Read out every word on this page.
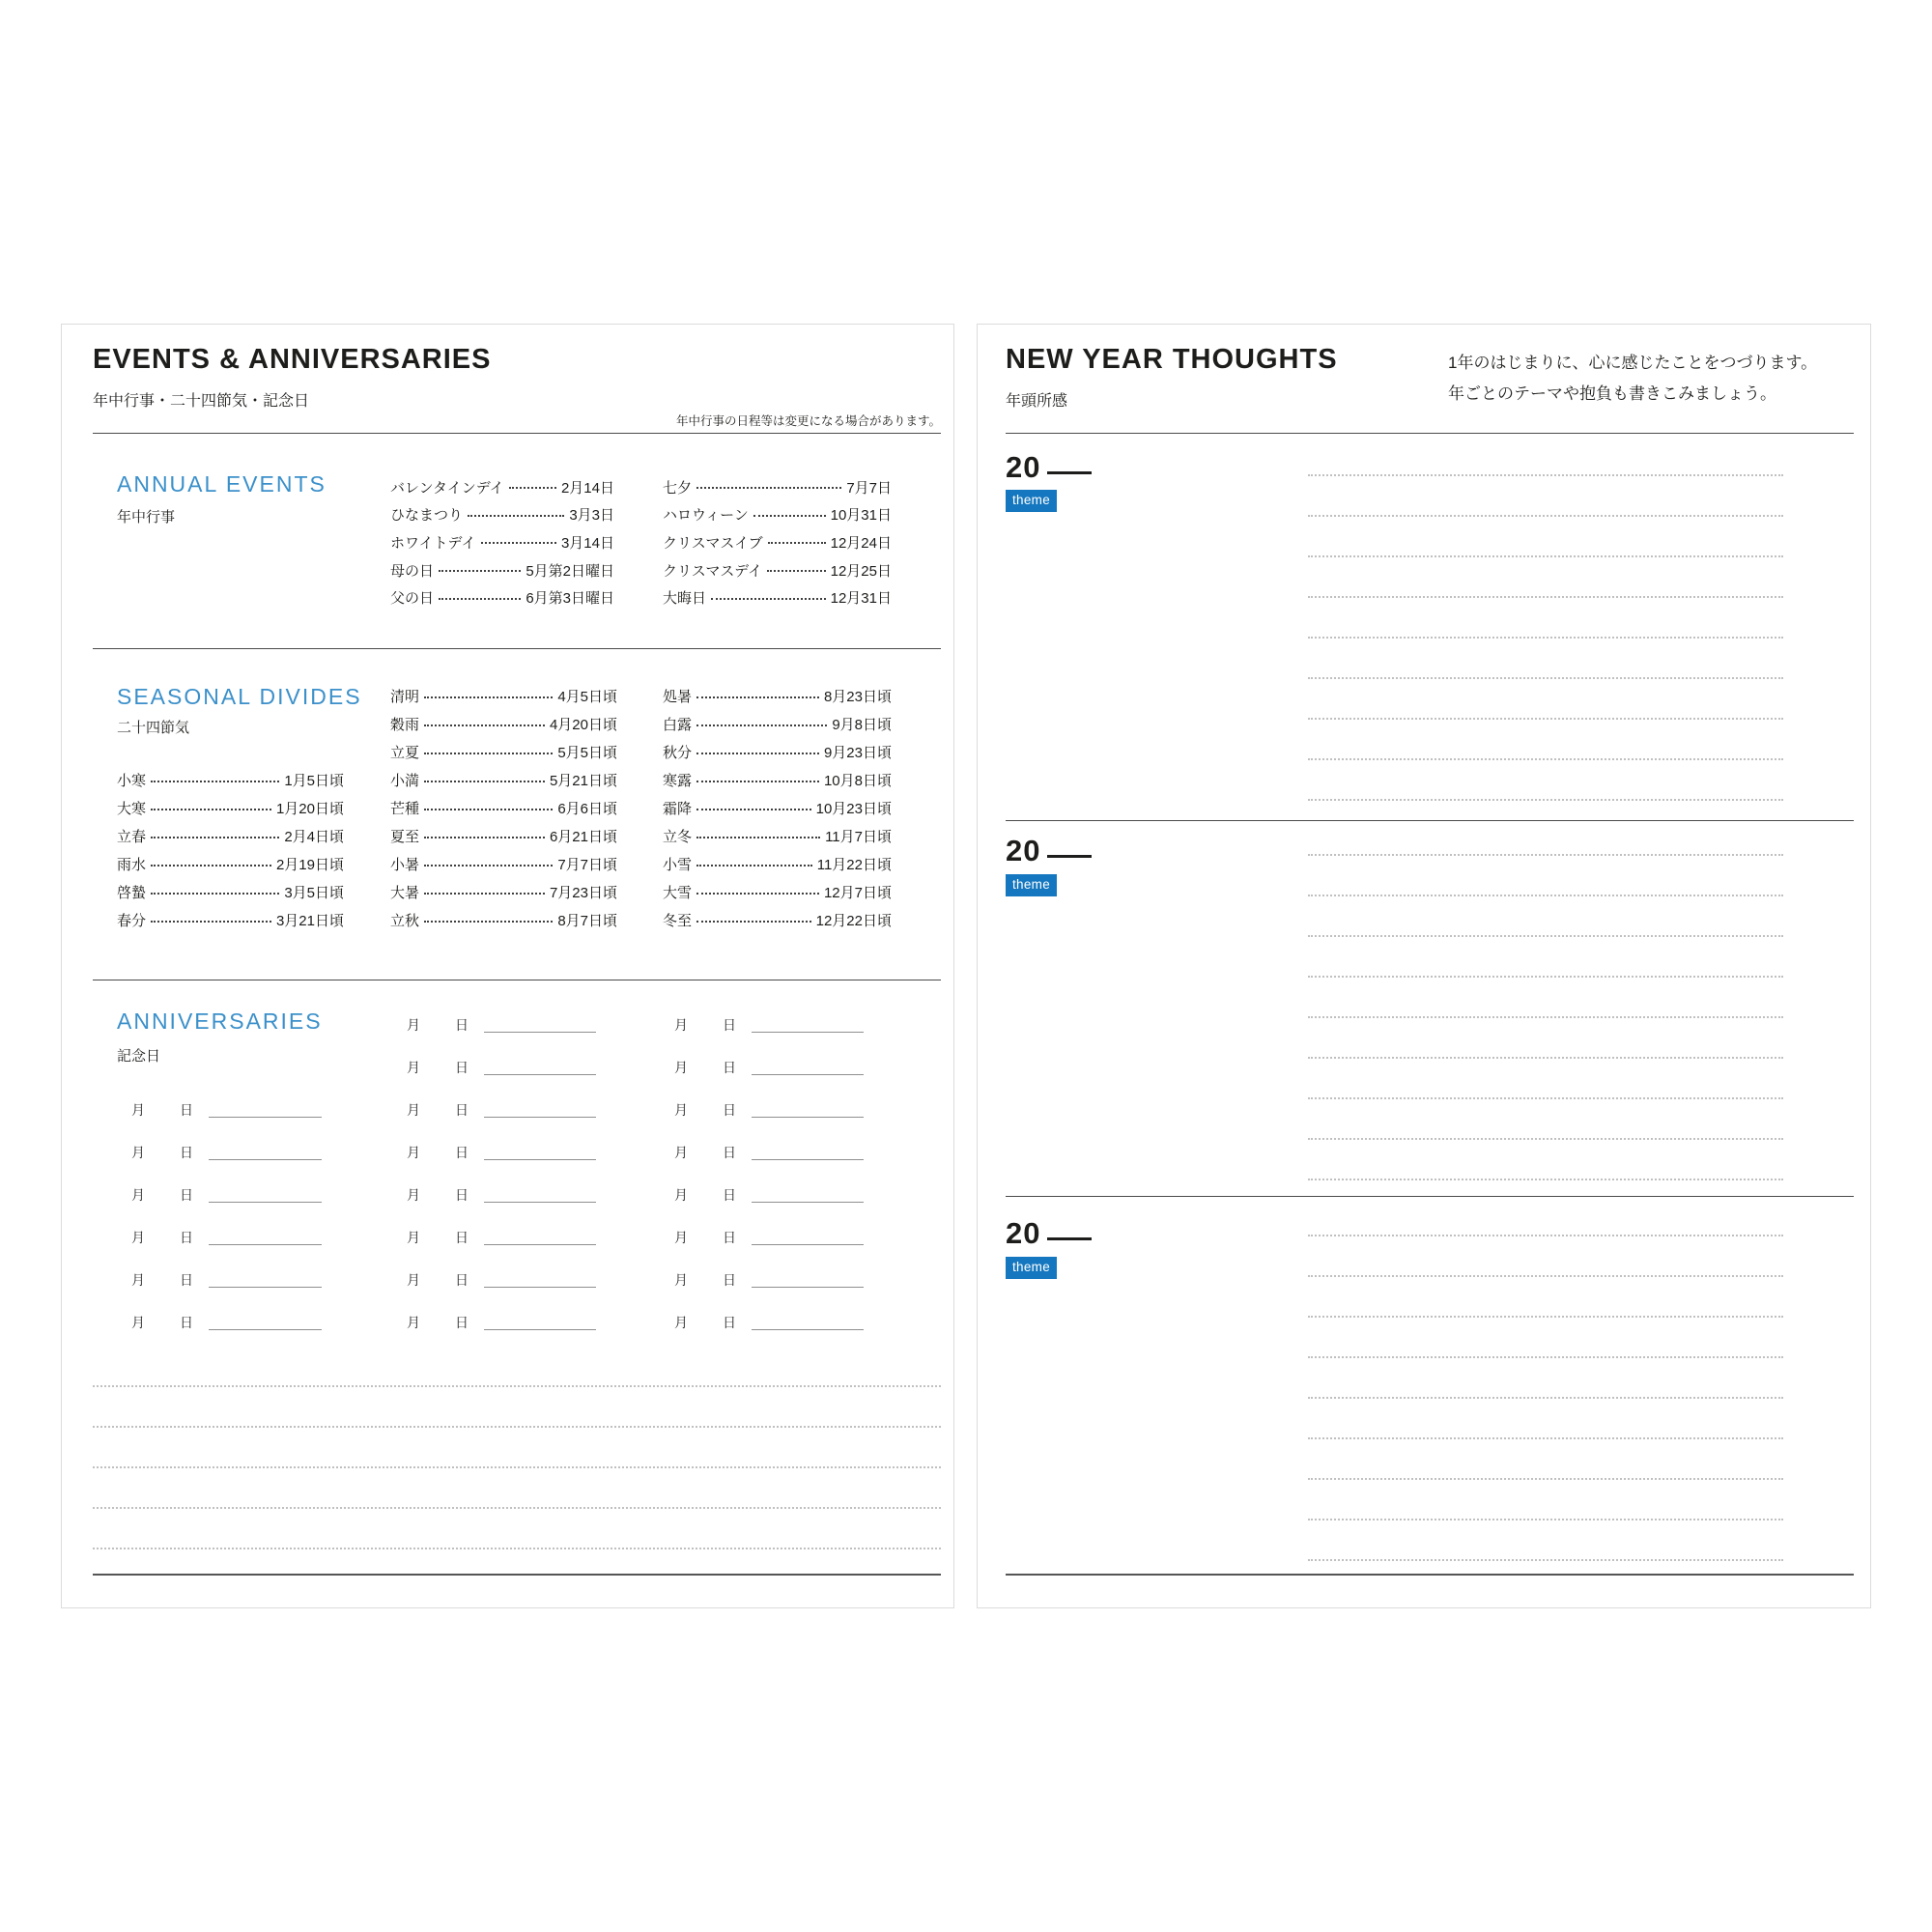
EVENTS & ANNIVERSARIES
年中行事・二十四節気・記念日
年中行事の日程等は変更になる場合があります。
ANNUAL EVENTS
年中行事
バレンタインデイ	2月14日
ひなまつり	3月3日
ホワイトデイ	3月14日
母の日	5月第2日曜日
父の日	6月第3日曜日
七夕	7月7日
ハロウィーン	10月31日
クリスマスイブ	12月24日
クリスマスデイ	12月25日
大晦日	12月31日
SEASONAL DIVIDES
二十四節気
小寒	1月5日頃
大寒	1月20日頃
立春	2月4日頃
雨水	2月19日頃
啓蟄	3月5日頃
春分	3月21日頃
清明	4月5日頃
穀雨	4月20日頃
立夏	5月5日頃
小満	5月21日頃
芒種	6月6日頃
夏至	6月21日頃
小暑	7月7日頃
大暑	7月23日頃
立秋	8月7日頃
処暑	8月23日頃
白露	9月8日頃
秋分	9月23日頃
寒露	10月8日頃
霜降	10月23日頃
立冬	11月7日頃
小雪	11月22日頃
大雪	12月7日頃
冬至	12月22日頃
ANNIVERSARIES
記念日
月	日
月	日
月	日
月	日
月	日
月	日
月	日
月	日
月	日
月	日
月	日
月	日
月	日
月	日
月	日
月	日
月	日
月	日
月	日
月	日
月	日
月	日
NEW YEAR THOUGHTS
年頭所感
1年のはじまりに、心に感じたことをつづります。
年ごとのテーマや抱負も書きこみましょう。
20
theme
20
theme
20
theme
